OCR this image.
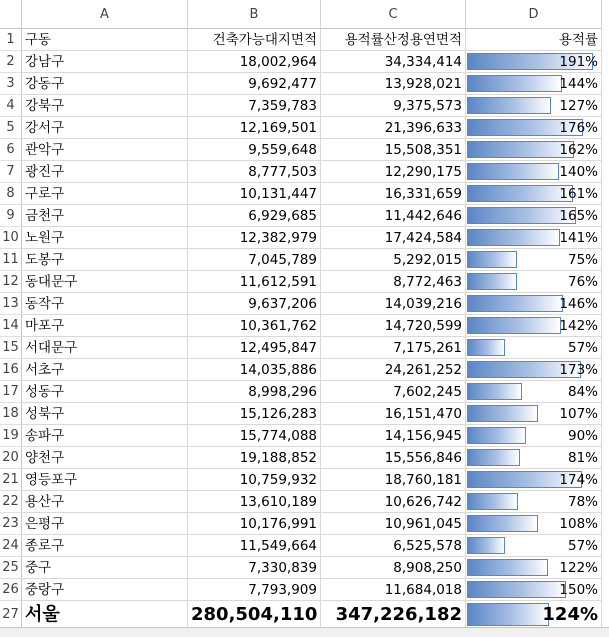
A	B	C	D
1 구동	건축가능대지면적	용적률산정용연면적	용적률
2 강남구	18,002,964	34,334,414	191%
3 강동구	9,692,477	13,928,021	144%
4 강북구	7,359,783	9,375,573	127%
5 강서구	12,169,501	21,396,633	176%
6 관악구	9,559,648	15,508,351	162%
7 광진구	8,777,503	12,290,175	140%
8 구로구	10,131,447	16,331,659	161%
9 금천구	6,929,685	11,442,646	165%
10 노원구	12,382,979	17,424,584	141%
11 도봉구	7,045,789	5,292,015	75%
12 동대문구	11,612,591	8,772,463	76%
13 동작구	9,637,206	14,039,216	146%
14 마포구	10,361,762	14,720,599	142%
15 서대문구	12,495,847	7,175,261	57%
16 서초구	14,035,886	24,261,252	173%
17 성동구	8,998,296	7,602,245	84%
18 성북구	15,126,283	16,151,470	107%
19 송파구	15,774,088	14,156,945	90%
20 양천구	19,188,852	15,556,846	81%
21 영등포구	10,759,932	18,760,181	174%
22 용산구	13,610,189	10,626,742	78%
23 은평구	10,176,991	10,961,045	108%
24 종로구	11,549,664	6,525,578	57%
25 중구	7,330,839	8,908,250	122%
26 중랑구	7,793,909	11,684,018	150%
27 서울	280,504,110	347,226,182	124%
